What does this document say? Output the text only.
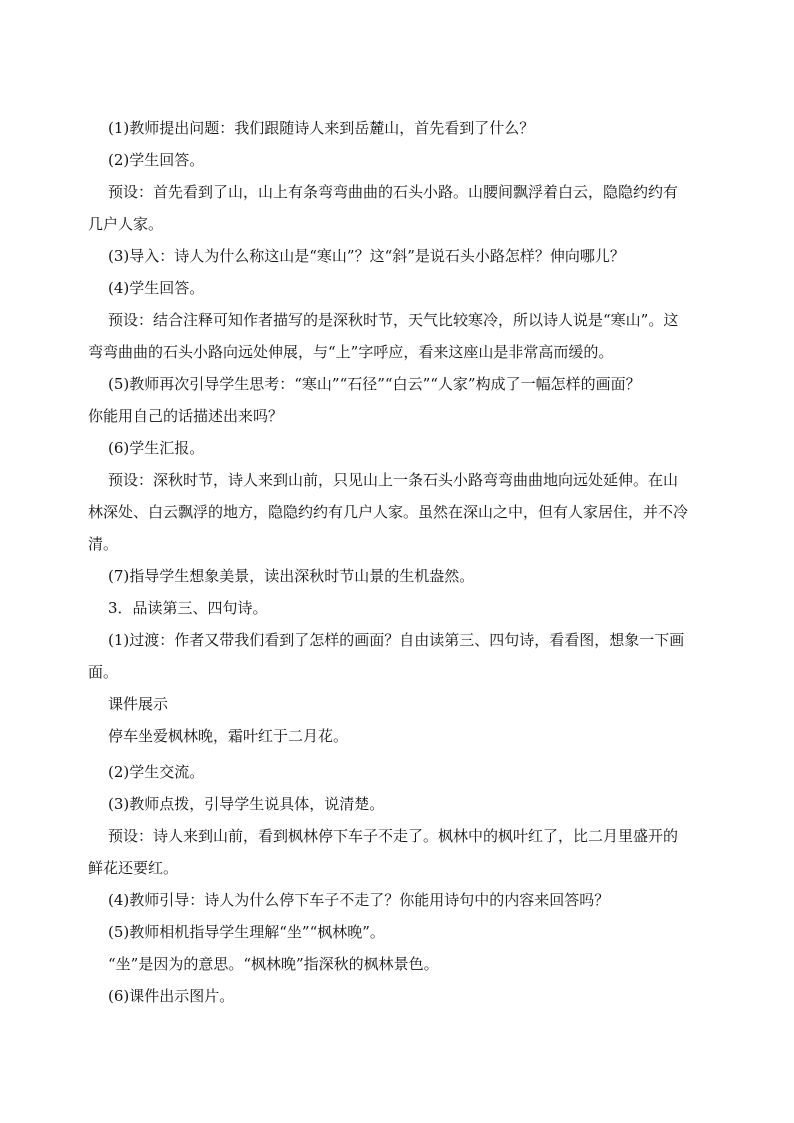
(1)教师提出问题：我们跟随诗人来到岳麓山，首先看到了什么？
(2)学生回答。
预设：首先看到了山，山上有条弯弯曲曲的石头小路。山腰间飘浮着白云，隐隐约约有
几户人家。
(3)导入：诗人为什么称这山是“寒山”？这“斜”是说石头小路怎样？伸向哪儿？
(4)学生回答。
预设：结合注释可知作者描写的是深秋时节，天气比较寒冷，所以诗人说是“寒山”。这
弯弯曲曲的石头小路向远处伸展，与“上”字呼应，看来这座山是非常高而缓的。
(5)教师再次引导学生思考：“寒山”“石径”“白云”“人家”构成了一幅怎样的画面？
你能用自己的话描述出来吗？
(6)学生汇报。
预设：深秋时节，诗人来到山前，只见山上一条石头小路弯弯曲曲地向远处延伸。在山
林深处、白云飘浮的地方，隐隐约约有几户人家。虽然在深山之中，但有人家居住，并不冷
清。
(7)指导学生想象美景，读出深秋时节山景的生机盎然。
3．品读第三、四句诗。
(1)过渡：作者又带我们看到了怎样的画面？自由读第三、四句诗，看看图，想象一下画
面。
课件展示
停车坐爱枫林晚，霜叶红于二月花。
(2)学生交流。
(3)教师点拨，引导学生说具体，说清楚。
预设：诗人来到山前，看到枫林停下车子不走了。枫林中的枫叶红了，比二月里盛开的
鲜花还要红。
(4)教师引导：诗人为什么停下车子不走了？你能用诗句中的内容来回答吗？
(5)教师相机指导学生理解“坐”“枫林晚”。
“坐”是因为的意思。“枫林晚”指深秋的枫林景色。
(6)课件出示图片。
